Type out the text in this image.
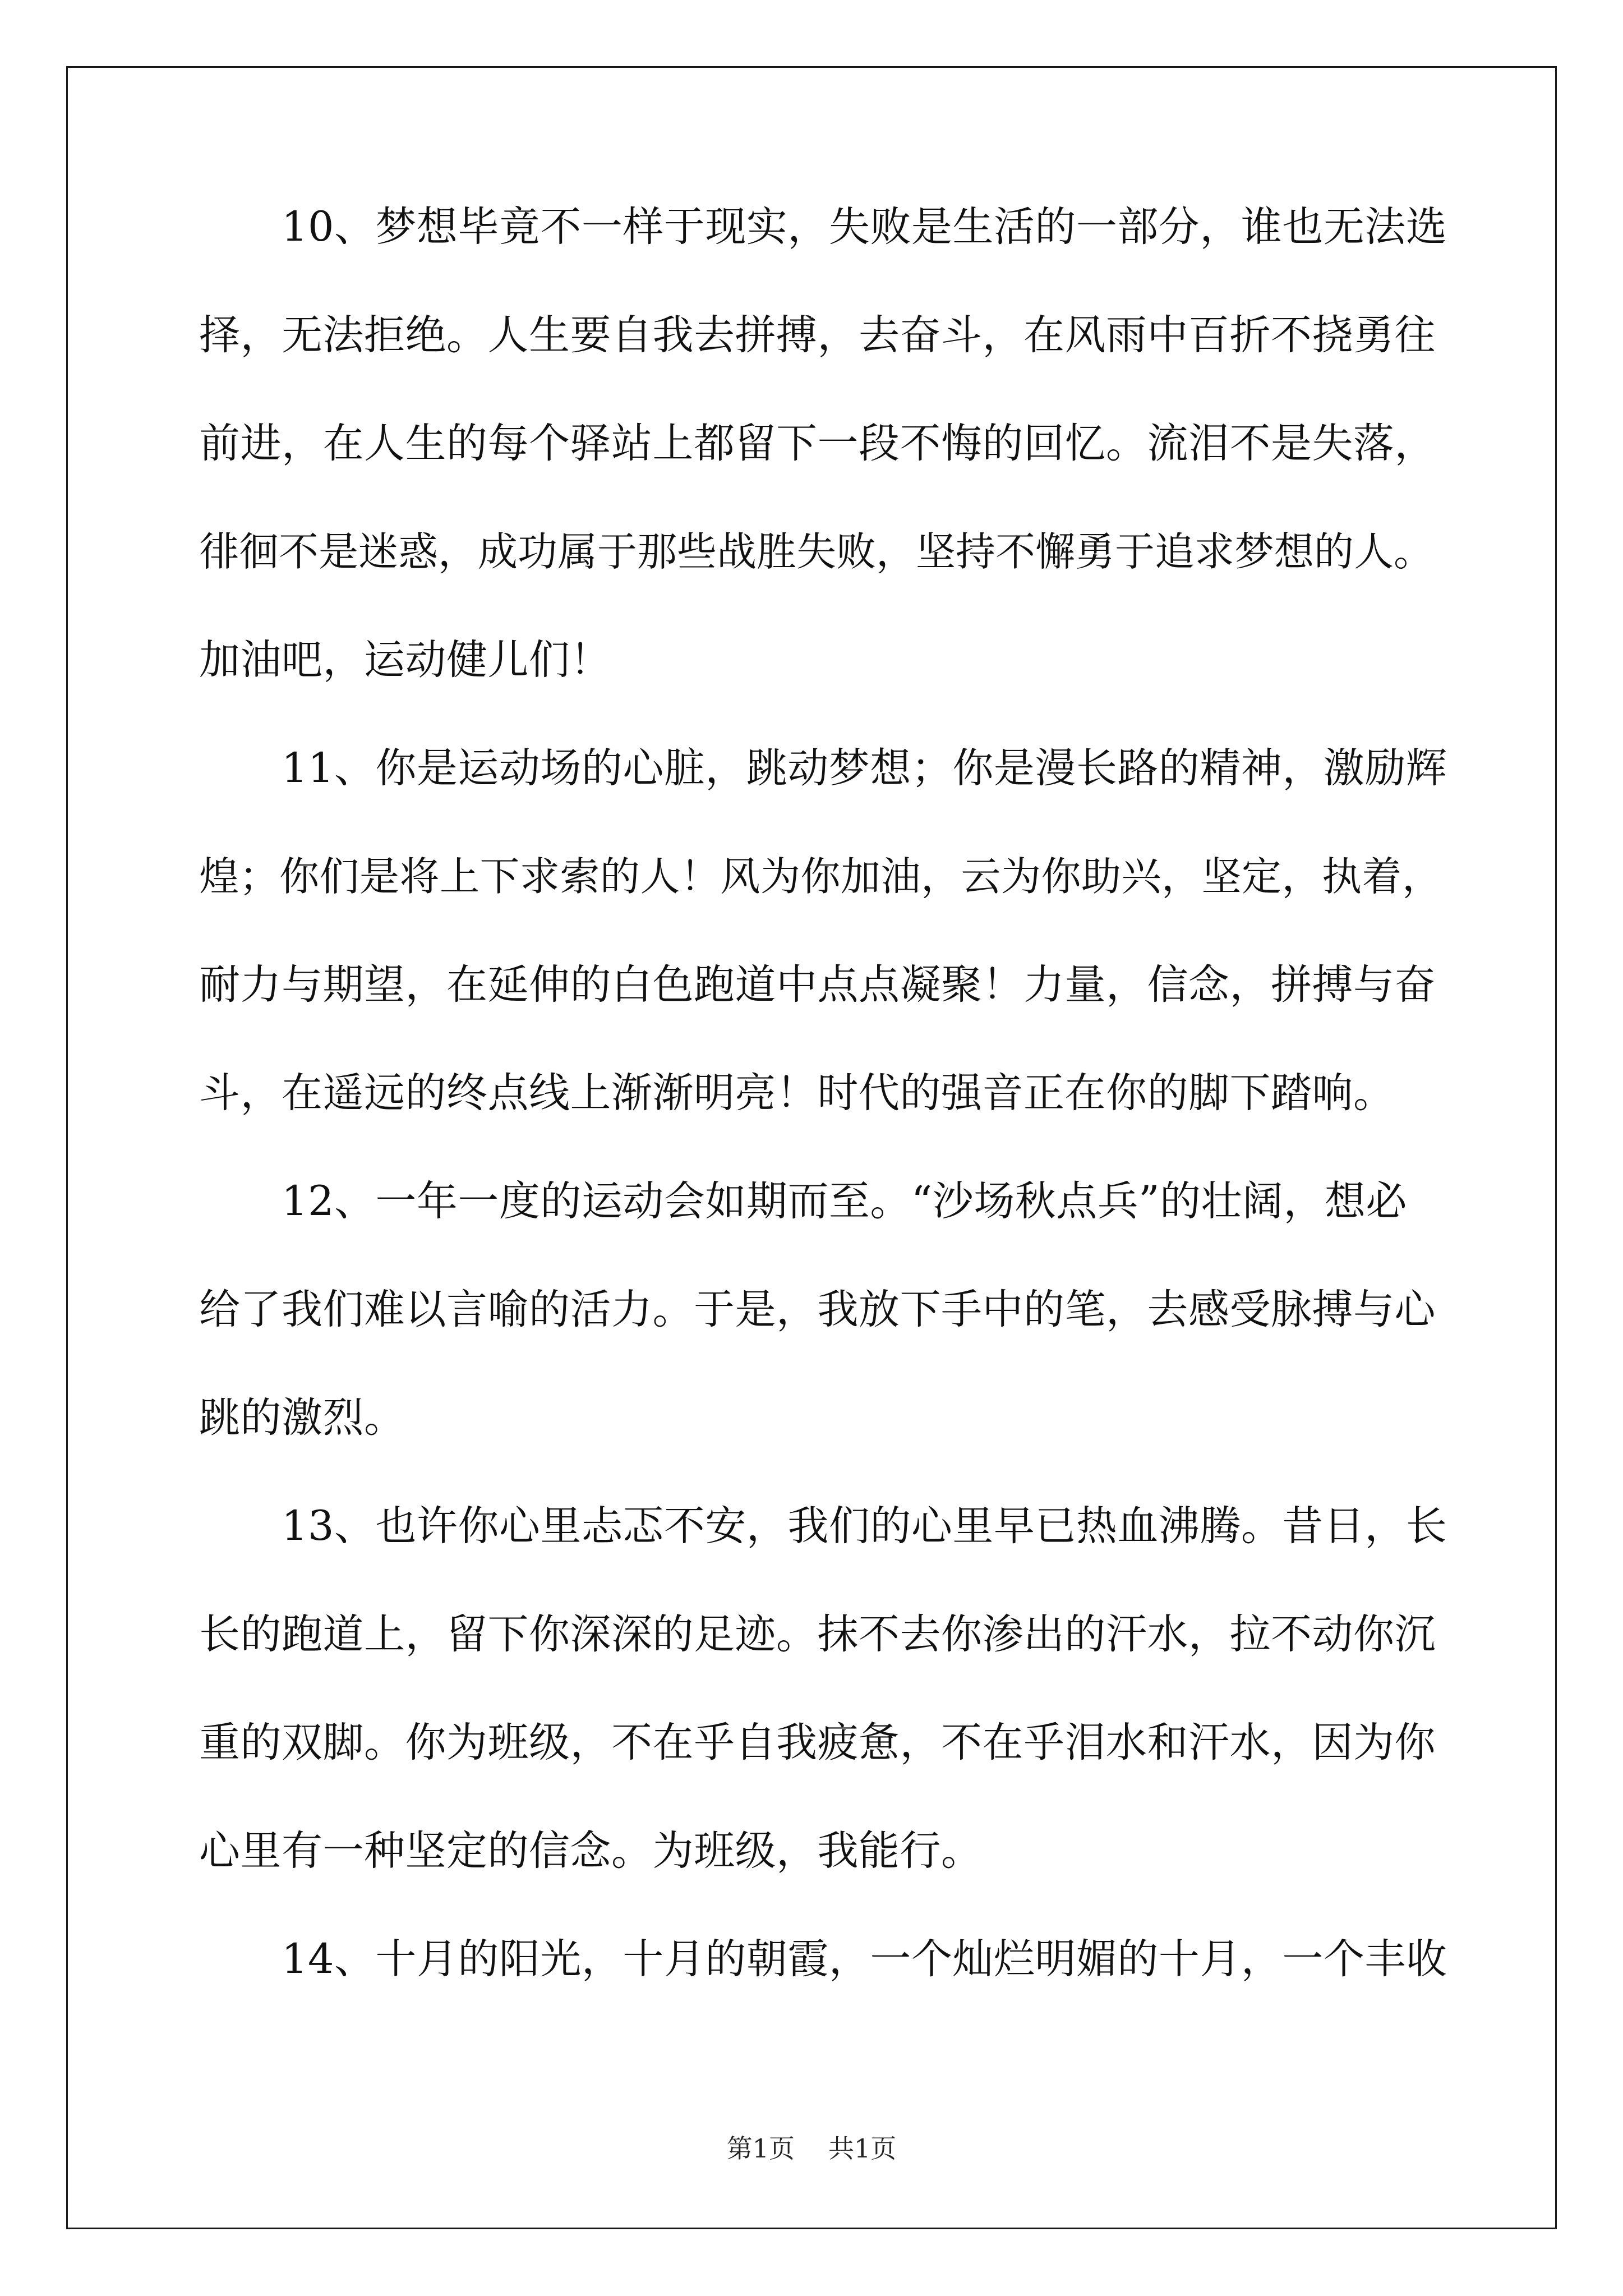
　　10、梦想毕竟不一样于现实，失败是生活的一部分，谁也无法选
择，无法拒绝。人生要自我去拼搏，去奋斗，在风雨中百折不挠勇往
前进，在人生的每个驿站上都留下一段不悔的回忆。流泪不是失落，
徘徊不是迷惑，成功属于那些战胜失败，坚持不懈勇于追求梦想的人。
加油吧，运动健儿们！
　　11、你是运动场的心脏，跳动梦想；你是漫长路的精神，激励辉
煌；你们是将上下求索的人！风为你加油，云为你助兴，坚定，执着，
耐力与期望，在延伸的白色跑道中点点凝聚！力量，信念，拼搏与奋
斗，在遥远的终点线上渐渐明亮！时代的强音正在你的脚下踏响。
　　12、一年一度的运动会如期而至。“沙场秋点兵”的壮阔，想必
给了我们难以言喻的活力。于是，我放下手中的笔，去感受脉搏与心
跳的激烈。
　　13、也许你心里忐忑不安，我们的心里早已热血沸腾。昔日，长
长的跑道上，留下你深深的足迹。抹不去你渗出的汗水，拉不动你沉
重的双脚。你为班级，不在乎自我疲惫，不在乎泪水和汗水，因为你
心里有一种坚定的信念。为班级，我能行。
　　14、十月的阳光，十月的朝霞，一个灿烂明媚的十月，一个丰收
第1页 共1页
